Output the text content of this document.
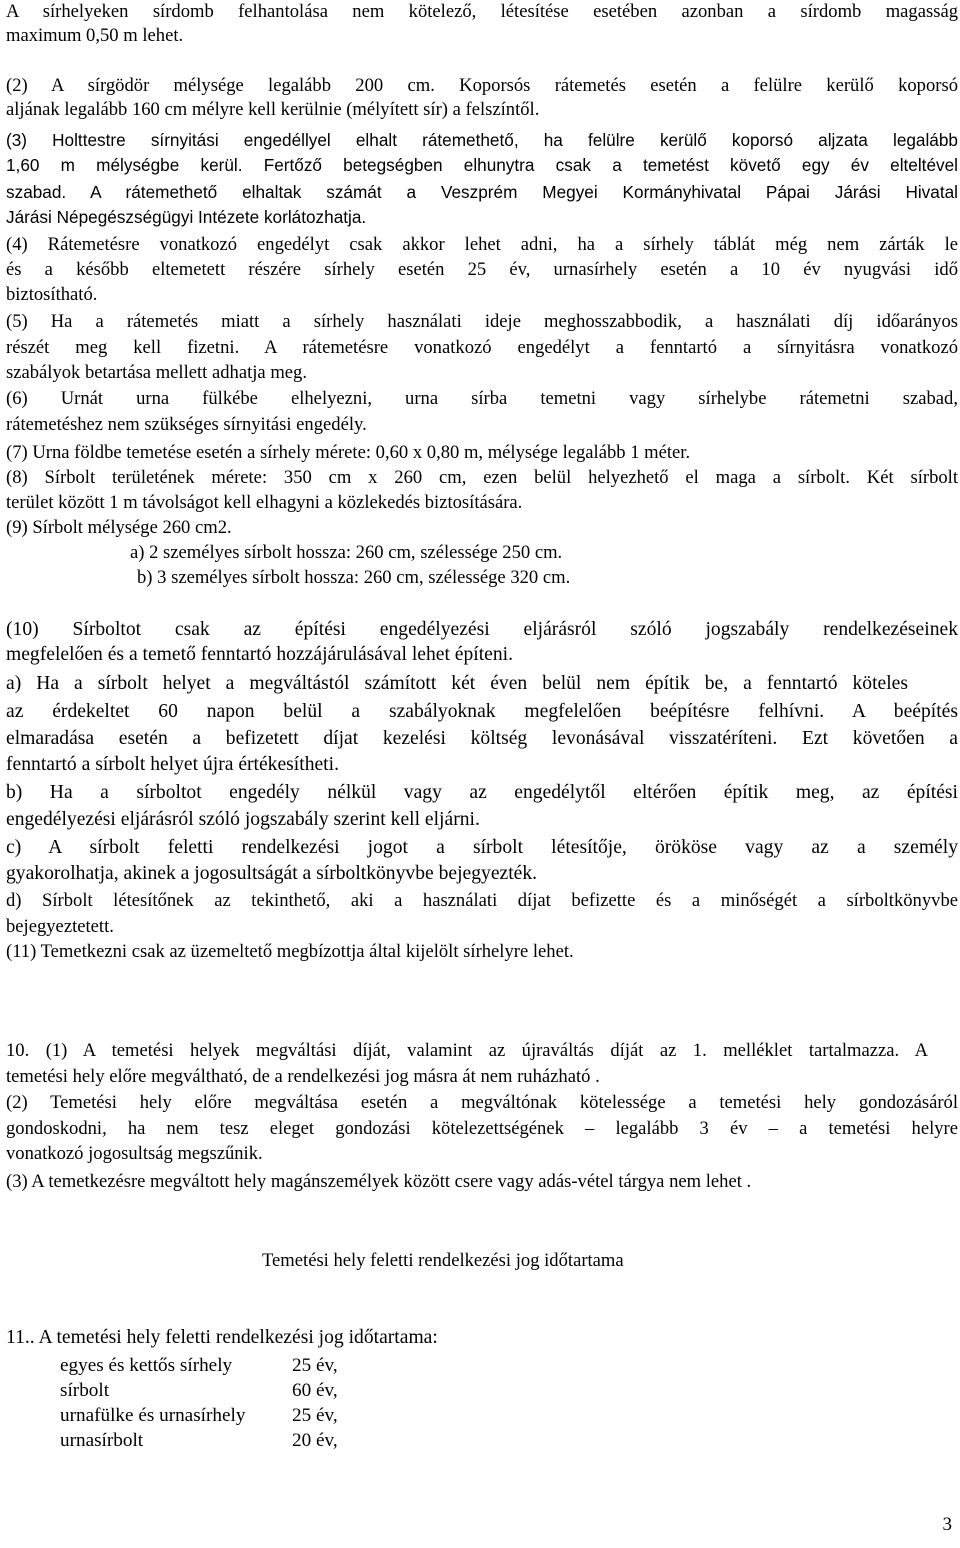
A sírhelyeken sírdomb felhantolása nem kötelező, létesítése esetében azonban a sírdomb magasság
maximum 0,50 m lehet.
(2) A sírgödör mélysége legalább 200 cm. Koporsós rátemetés esetén a felülre kerülő koporsó
aljának legalább 160 cm mélyre kell kerülnie (mélyített sír) a felszíntől.
(3) Holttestre sírnyitási engedéllyel elhalt rátemethető, ha felülre kerülő koporsó aljzata legalább
1,60 m mélységbe kerül. Fertőző betegségben elhunytra csak a temetést követő egy év elteltével
szabad. A rátemethető elhaltak számát a Veszprém Megyei Kormányhivatal Pápai Járási Hivatal
Járási Népegészségügyi Intézete korlátozhatja.
(4) Rátemetésre vonatkozó engedélyt csak akkor lehet adni, ha a sírhely táblát még nem zárták le
és a később eltemetett részére sírhely esetén 25 év, urnasírhely esetén a 10 év nyugvási idő
biztosítható.
(5) Ha a rátemetés miatt a sírhely használati ideje meghosszabbodik, a használati díj időarányos
részét meg kell fizetni. A rátemetésre vonatkozó engedélyt a fenntartó a sírnyitásra vonatkozó
szabályok betartása mellett adhatja meg.
(6) Urnát urna fülkébe elhelyezni, urna sírba temetni vagy sírhelybe rátemetni szabad,
rátemetéshez nem szükséges sírnyitási engedély.
(7) Urna földbe temetése esetén a sírhely mérete: 0,60 x 0,80 m, mélysége legalább 1 méter.
(8) Sírbolt területének mérete: 350 cm x 260 cm, ezen belül helyezhető el maga a sírbolt. Két sírbolt
terület között 1 m távolságot kell elhagyni a közlekedés biztosítására.
(9) Sírbolt mélysége 260 cm2.
a) 2 személyes sírbolt hossza: 260 cm, szélessége 250 cm.
b) 3 személyes sírbolt hossza: 260 cm, szélessége 320 cm.
(10) Sírboltot csak az építési engedélyezési eljárásról szóló jogszabály rendelkezéseinek
megfelelően és a temető fenntartó hozzájárulásával lehet építeni.
a) Ha a sírbolt helyet a megváltástól számított két éven belül nem építik be, a fenntartó köteles
az érdekeltet 60 napon belül a szabályoknak megfelelően beépítésre felhívni. A beépítés
elmaradása esetén a befizetett díjat kezelési költség levonásával visszatéríteni. Ezt követően a
fenntartó a sírbolt helyet újra értékesítheti.
b) Ha a sírboltot engedély nélkül vagy az engedélytől eltérően építik meg, az építési
engedélyezési eljárásról szóló jogszabály szerint kell eljárni.
c) A sírbolt feletti rendelkezési jogot a sírbolt létesítője, örököse vagy az a személy
gyakorolhatja, akinek a jogosultságát a sírboltkönyvbe bejegyezték.
d) Sírbolt létesítőnek az tekinthető, aki a használati díjat befizette és a minőségét a sírboltkönyvbe
bejegyeztetett.
(11) Temetkezni csak az üzemeltető megbízottja által kijelölt sírhelyre lehet.
10. (1) A temetési helyek megváltási díját, valamint az újraváltás díját az 1. melléklet tartalmazza. A
temetési hely előre megváltható, de a rendelkezési jog másra át nem ruházható .
(2) Temetési hely előre megváltása esetén a megváltónak kötelessége a temetési hely gondozásáról
gondoskodni, ha nem tesz eleget gondozási kötelezettségének – legalább 3 év – a temetési helyre
vonatkozó jogosultság megszűnik.
(3) A temetkezésre megváltott hely magánszemélyek között csere vagy adás-vétel tárgya nem lehet .
Temetési hely feletti rendelkezési jog időtartama
11.. A temetési hely feletti rendelkezési jog időtartama:
egyes és kettős sírhely	25 év,
sírbolt	60 év,
urnafülke és urnasírhely	25 év,
urnasírbolt	20 év,
3
